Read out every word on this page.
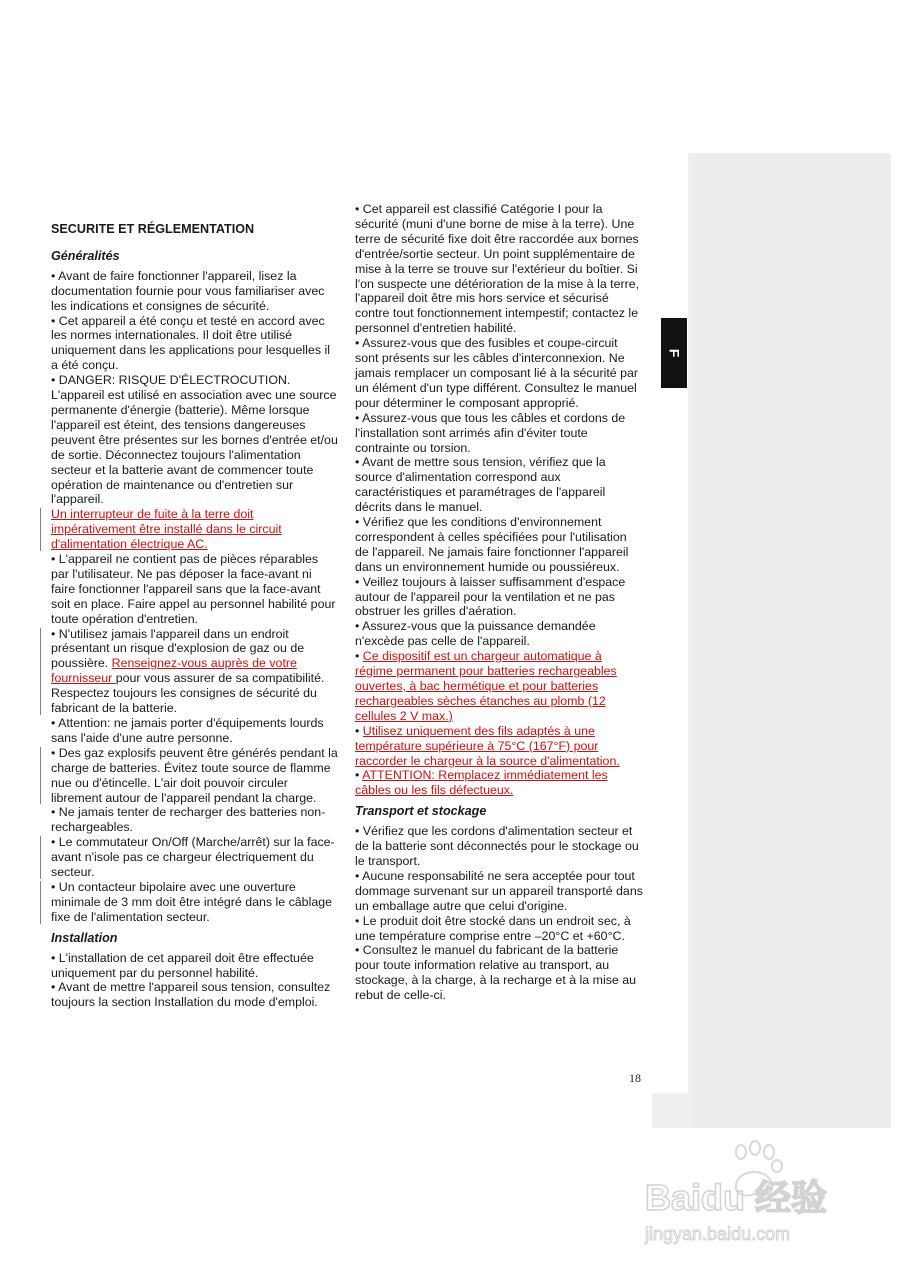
F

SECURITE ET RÉGLEMENTATION

Généralités

• Avant de faire fonctionner l'appareil, lisez la documentation fournie pour vous familiariser avec les indications et consignes de sécurité.

• Cet appareil a été conçu et testé en accord avec les normes internationales. Il doit être utilisé uniquement dans les applications pour lesquelles il a été conçu.

• DANGER: RISQUE D'ÉLECTROCUTION. L'appareil est utilisé en association avec une source permanente d'énergie (batterie). Même lorsque l'appareil est éteint, des tensions dangereuses peuvent être présentes sur les bornes d'entrée et/ou de sortie. Déconnectez toujours l'alimentation secteur et la batterie avant de commencer toute opération de maintenance ou d'entretien sur l'appareil.

Un interrupteur de fuite à la terre doit impérativement être installé dans le circuit d'alimentation électrique AC.

• L'appareil ne contient pas de pièces réparables par l'utilisateur. Ne pas déposer la face-avant ni faire fonctionner l'appareil sans que la face-avant soit en place. Faire appel au personnel habilité pour toute opération d'entretien.

• N'utilisez jamais l'appareil dans un endroit présentant un risque d'explosion de gaz ou de poussière. Renseignez-vous auprès de votre fournisseur pour vous assurer de sa compatibilité. Respectez toujours les consignes de sécurité du fabricant de la batterie.

• Attention: ne jamais porter d'équipements lourds sans l'aide d'une autre personne.

• Des gaz explosifs peuvent être générés pendant la charge de batteries. Évitez toute source de flamme nue ou d'étincelle. L'air doit pouvoir circuler librement autour de l'appareil pendant la charge.

• Ne jamais tenter de recharger des batteries non-rechargeables.

• Le commutateur On/Off (Marche/arrêt) sur la face- avant n'isole pas ce chargeur électriquement du secteur.

• Un contacteur bipolaire avec une ouverture minimale de 3 mm doit être intégré dans le câblage fixe de l'alimentation secteur.

Installation

• L'installation de cet appareil doit être effectuée uniquement par du personnel habilité.

• Avant de mettre l'appareil sous tension, consultez toujours la section Installation du mode d'emploi.

• Cet appareil est classifié Catégorie I pour la sécurité (muni d'une borne de mise à la terre). Une terre de sécurité fixe doit être raccordée aux bornes d'entrée/sortie secteur. Un point supplémentaire de mise à la terre se trouve sur l'extérieur du boîtier. Si l'on suspecte une détérioration de la mise à la terre, l'appareil doit être mis hors service et sécurisé contre tout fonctionnement intempestif; contactez le personnel d'entretien habilité.

• Assurez-vous que des fusibles et coupe-circuit sont présents sur les câbles d'interconnexion. Ne jamais remplacer un composant lié à la sécurité par un élément d'un type différent. Consultez le manuel pour déterminer le composant approprié.

• Assurez-vous que tous les câbles et cordons de l'installation sont arrimés afin d'éviter toute contrainte ou torsion.

• Avant de mettre sous tension, vérifiez que la source d'alimentation correspond aux caractéristiques et paramétrages de l'appareil décrits dans le manuel.

• Vérifiez que les conditions d'environnement correspondent à celles spécifiées pour l'utilisation de l'appareil. Ne jamais faire fonctionner l'appareil dans un environnement humide ou poussiéreux.

• Veillez toujours à laisser suffisamment d'espace autour de l'appareil pour la ventilation et ne pas obstruer les grilles d'aération.

• Assurez-vous que la puissance demandée n'excède pas celle de l'appareil.

• Ce dispositif est un chargeur automatique à régime permanent pour batteries rechargeables ouvertes, à bac hermétique et pour batteries rechargeables sèches étanches au plomb (12 cellules 2 V max.)

• Utilisez uniquement des fils adaptés à une température supérieure à 75°C (167°F) pour raccorder le chargeur à la source d'alimentation.

• ATTENTION: Remplacez immédiatement les câbles ou les fils défectueux.

Transport et stockage

• Vérifiez que les cordons d'alimentation secteur et de la batterie sont déconnectés pour le stockage ou le transport.

• Aucune responsabilité ne sera acceptée pour tout dommage survenant sur un appareil transporté dans un emballage autre que celui d'origine.

• Le produit doit être stocké dans un endroit sec, à une température comprise entre –20°C et +60°C.

• Consultez le manuel du fabricant de la batterie pour toute information relative au transport, au stockage, à la charge, à la recharge et à la mise au rebut de celle-ci.

18
Baidu 经验
jingyan.baidu.com
